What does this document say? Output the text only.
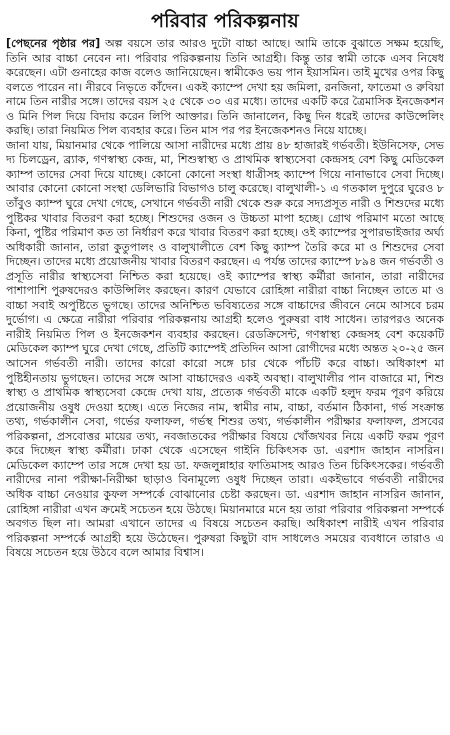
পরিবার পরিকল্পনায়

[পেছনের পৃষ্ঠার পর] অল্প বয়সে তার আরও দুটো বাচ্চা আছে। আমি তাকে বুঝাতে সক্ষম হয়েছি, তিনি আর বাচ্চা নেবেন না। পরিবার পরিকল্পনায় তিনি আগ্রহী। কিন্তু তার স্বামী তাকে এসব নিষেধ করেছেন। এটা গুনাহের কাজ বলেও জানিয়েছেন। স্বামীকেও ভয় পান ইয়াসমিন। তাই মুখের ওপর কিছু বলতে পারেন না। নীরবে নিভৃতে কাঁদেন। একই ক্যাম্পে দেখা হয় জমিলা, রনজিনা, ফাতেমা ও রুবিয়া নামে তিন নারীর সঙ্গে। তাদের বয়স ২৫ থেকে ৩০ এর মধ্যে। তাদের একটি করে ত্রৈমাসিক ইনজেকশন ও মিনি পিল দিয়ে বিদায় করেন লিপি আক্তার। তিনি জানালেন, কিছু দিন ধরেই তাদের কাউন্সেলিং করছি। তারা নিয়মিত পিল ব্যবহার করে। তিন মাস পর পর ইনজেকশনও নিয়ে যাচ্ছে।

জানা যায়, মিয়ানমার থেকে পালিয়ে আসা নারীদের মধ্যে প্রায় ৪৮ হাজারই গর্ভবতী। ইউনিসেফ, সেভ দ্য চিলড্রেন, ব্র্যাক, গণস্বাস্থ্য কেন্দ্র, মা, শিশুস্বাস্থ্য ও প্রাথমিক স্বাস্থ্যসেবা কেন্দ্রসহ বেশ কিছু মেডিকেল ক্যাম্প তাদের সেবা দিয়ে যাচ্ছে। কোনো কোনো সংস্থা ধাত্রীসহ ক্যাম্পে গিয়ে নানাভাবে সেবা দিচ্ছে। আবার কোনো কোনো সংস্থা ডেলিভারি বিভাগও চালু করেছে। বালুখালী-১ এ গতকাল দুপুরে ঘুরেও ৮ তাঁবুও ক্যাম্প ঘুরে দেখা গেছে, সেখানে গর্ভবতী নারী থেকে শুরু করে সদ্যপ্রসূত নারী ও শিশুদের মধ্যে পুষ্টিকর খাবার বিতরণ করা হচ্ছে। শিশুদের ওজন ও উচ্চতা মাপা হচ্ছে। গ্রোথ পরিমাণ মতো আছে কিনা, পুষ্টির পরিমাণ কত তা নির্ধারণ করে খাবার বিতরণ করা হচ্ছে। ওই ক্যাম্পের সুপারভাইজার অর্ঘ্য অধিকারী জানান, তারা কুতুপালং ও বালুখালীতে বেশ কিছু ক্যাম্প তৈরি করে মা ও শিশুদের সেবা দিচ্ছেন। তাদের মধ্যে প্রয়োজনীয় খাবার বিতরণ করছেন। এ পর্যন্ত তাদের ক্যাম্পে ৮৯৪ জন গর্ভবতী ও প্রসূতি নারীর স্বাস্থ্যসেবা নিশ্চিত করা হয়েছে। ওই ক্যাম্পের স্বাস্থ্য কর্মীরা জানান, তারা নারীদের পাশাপাশি পুরুষদেরও কাউন্সিলিং করছেন। কারণ যেভাবে রোহিঙ্গা নারীরা বাচ্চা নিচ্ছেন তাতে মা ও বাচ্চা সবাই অপুষ্টিতে ভুগছে। তাদের অনিশ্চিত ভবিষ্যতের সঙ্গে বাচ্চাদের জীবনে নেমে আসবে চরম দুর্ভোগ। এ ক্ষেত্রে নারীরা পরিবার পরিকল্পনায় আগ্রহী হলেও পুরুষরা বাধ সাধেন। তারপরও অনেক নারীই নিয়মিত পিল ও ইনজেকশন ব্যবহার করছেন। রেডক্রিসেন্ট, গণস্বাস্থ্য কেন্দ্রসহ বেশ কয়েকটি মেডিকেল ক্যাম্প ঘুরে দেখা গেছে, প্রতিটি ক্যাম্পেই প্রতিদিন আসা রোগীদের মধ্যে অন্তত ২০-২৫ জন আসেন গর্ভবতী নারী। তাদের কারো কারো সঙ্গে চার থেকে পাঁচটি করে বাচ্চা। অধিকাংশ মা পুষ্টিহীনতায় ভুগছেন। তাদের সঙ্গে আসা বাচ্চাদেরও একই অবস্থা। বালুখালীর পান বাজারে মা, শিশু স্বাস্থ্য ও প্রাথমিক স্বাস্থ্যসেবা কেন্দ্রে দেখা যায়, প্রত্যেক গর্ভবতী মাকে একটি হলুদ ফরম পূরণ করিয়ে প্রয়োজনীয় ওষুধ দেওয়া হচ্ছে। এতে নিজের নাম, স্বামীর নাম, বাচ্চা, বর্তমান ঠিকানা, গর্ভ সংক্রান্ত তথ্য, গর্ভকালীন সেবা, গর্ভের ফলাফল, গর্ভস্থ শিশুর তথ্য, গর্ভকালীন পরীক্ষার ফলাফল, প্রসবের পরিকল্পনা, প্রসবোত্তর মায়ের তথ্য, নবজাতকের পরীক্ষার বিষয়ে খোঁজখবর নিয়ে একটি ফরম পূরণ করে দিচ্ছেন স্বাস্থ্য কর্মীরা। ঢাকা থেকে এসেছেন গাইনি চিকিৎসক ডা. এরশাদ জাহান নাসরিন। মেডিকেল ক্যাম্পে তার সঙ্গে দেখা হয় ডা. ফজলুন্নাহার ফাতিমাসহ আরও তিন চিকিৎসকের। গর্ভবতী নারীদের নানা পরীক্ষা-নিরীক্ষা ছাড়াও বিনামূল্যে ওষুধ দিচ্ছেন তারা। একইভাবে গর্ভবতী নারীদের অধিক বাচ্চা নেওয়ার কুফল সম্পর্কে বোঝানোর চেষ্টা করছেন। ডা. এরশাদ জাহান নাসরিন জানান, রোহিঙ্গা নারীরা এখন ক্রমেই সচেতন হয়ে উঠছে। মিয়ানমারে মনে হয় তারা পরিবার পরিকল্পনা সম্পর্কে অবগত ছিল না। আমরা এখানে তাদের এ বিষয়ে সচেতন করছি। অধিকাংশ নারীই এখন পরিবার পরিকল্পনা সম্পর্কে আগ্রহী হয়ে উঠেছেন। পুরুষরা কিছুটা বাদ সাধলেও সময়ের ব্যবধানে তারাও এ বিষয়ে সচেতন হয়ে উঠবে বলে আমার বিশ্বাস।
